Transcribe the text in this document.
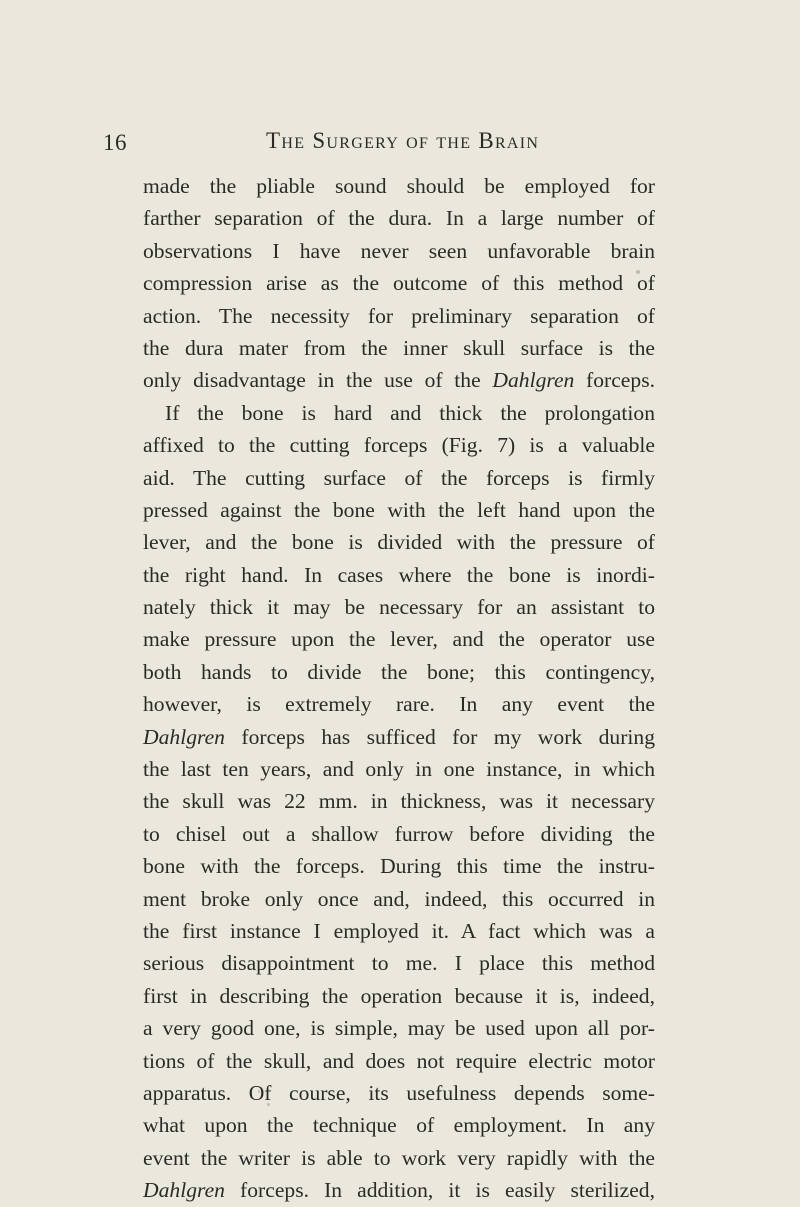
16	The Surgery of the Brain
made the pliable sound should be employed for
farther separation of the dura. In a large number of
observations I have never seen unfavorable brain
compression arise as the outcome of this method of
action. The necessity for preliminary separation of
the dura mater from the inner skull surface is the
only disadvantage in the use of the Dahlgren forceps.
If the bone is hard and thick the prolongation
affixed to the cutting forceps (Fig. 7) is a valuable
aid. The cutting surface of the forceps is firmly
pressed against the bone with the left hand upon the
lever, and the bone is divided with the pressure of
the right hand. In cases where the bone is inordi-
nately thick it may be necessary for an assistant to
make pressure upon the lever, and the operator use
both hands to divide the bone; this contingency,
however, is extremely rare. In any event the
Dahlgren forceps has sufficed for my work during
the last ten years, and only in one instance, in which
the skull was 22 mm. in thickness, was it necessary
to chisel out a shallow furrow before dividing the
bone with the forceps. During this time the instru-
ment broke only once and, indeed, this occurred in
the first instance I employed it. A fact which was a
serious disappointment to me. I place this method
first in describing the operation because it is, indeed,
a very good one, is simple, may be used upon all por-
tions of the skull, and does not require electric motor
apparatus. Of course, its usefulness depends some-
what upon the technique of employment. In any
event the writer is able to work very rapidly with the
Dahlgren forceps. In addition, it is easily sterilized,
